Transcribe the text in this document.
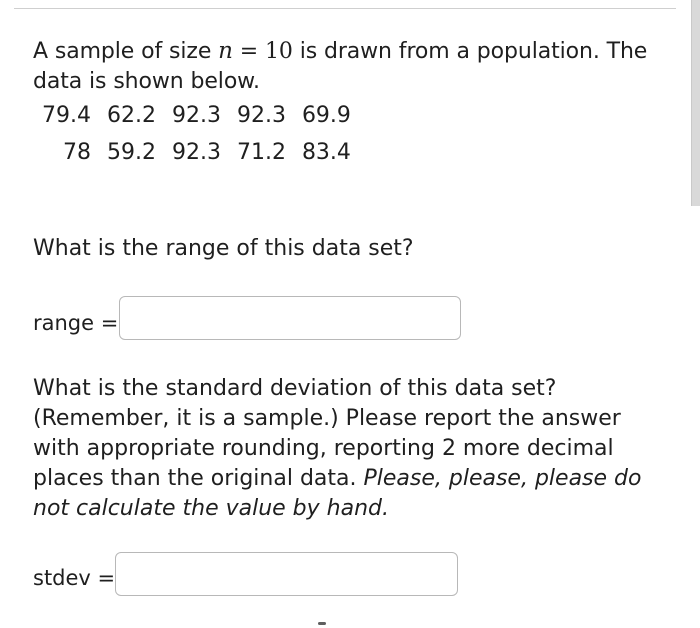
A sample of size n = 10 is drawn from a population. The data is shown below.
79.4	62.2	92.3	92.3	69.9
78	59.2	92.3	71.2	83.4
What is the range of this data set?
range =
What is the standard deviation of this data set? (Remember, it is a sample.) Please report the answer with appropriate rounding, reporting 2 more decimal places than the original data. Please, please, please do not calculate the value by hand.
stdev =
